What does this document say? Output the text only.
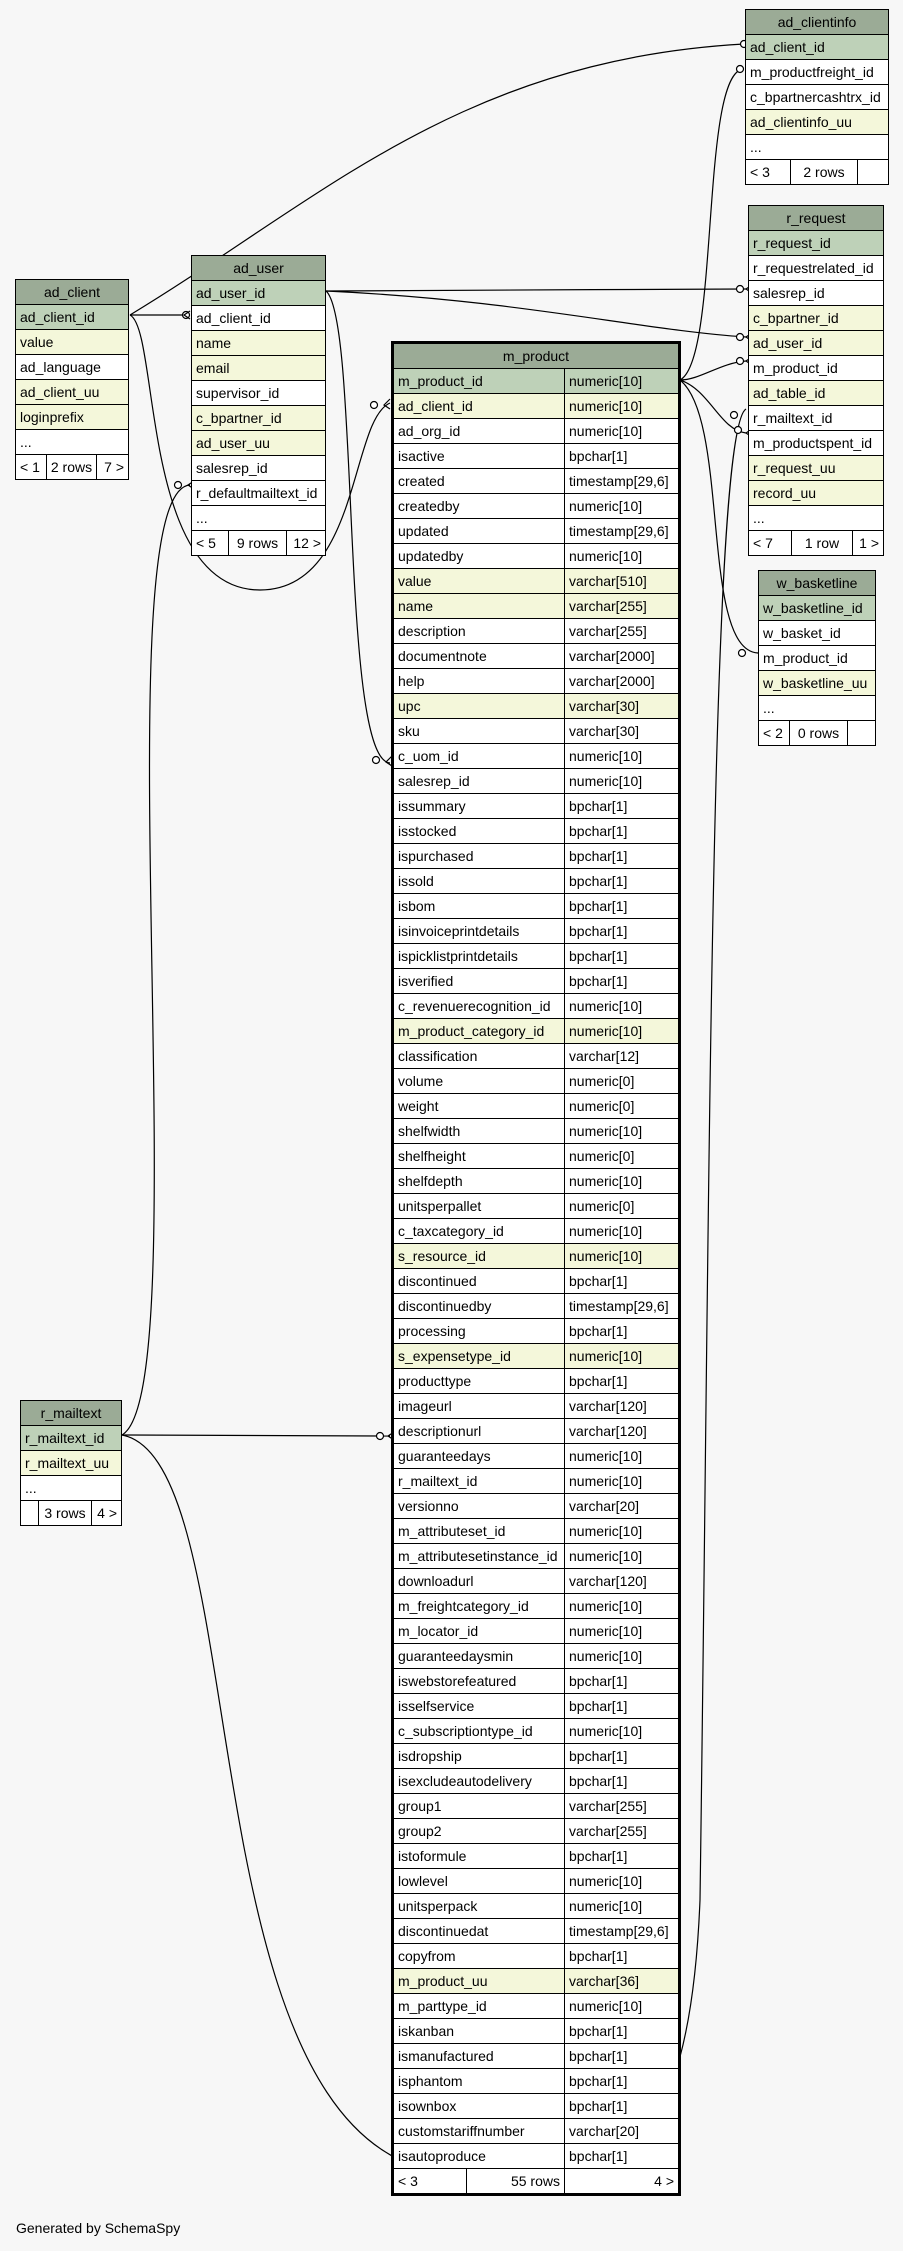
ad_clientinfo
ad_client_id
m_productfreight_id
c_bpartnercashtrx_id
ad_clientinfo_uu
...
< 3	2 rows
r_request
r_request_id
r_requestrelated_id
salesrep_id
c_bpartner_id
ad_user_id
m_product_id
ad_table_id
r_mailtext_id
m_productspent_id
r_request_uu
record_uu
...
< 7	1 row	1 >
w_basketline
w_basketline_id
w_basket_id
m_product_id
w_basketline_uu
...
< 2	0 rows
ad_client
ad_client_id
value
ad_language
ad_client_uu
loginprefix
...
< 1 2 rows 7 >
ad_user
ad_user_id
ad_client_id
name
email
supervisor_id
c_bpartner_id
ad_user_uu
salesrep_id
r_defaultmailtext_id
...
< 5	9 rows	12 >
r_mailtext
r_mailtext_id
r_mailtext_uu
...
3 rows 4 >
m_product
m_product_id	numeric[10]
ad_client_id	numeric[10]
ad_org_id	numeric[10]
isactive	bpchar[1]
created	timestamp[29,6]
createdby	numeric[10]
updated	timestamp[29,6]
updatedby	numeric[10]
value	varchar[510]
name	varchar[255]
description	varchar[255]
documentnote	varchar[2000]
help	varchar[2000]
upc	varchar[30]
sku	varchar[30]
c_uom_id	numeric[10]
salesrep_id	numeric[10]
issummary	bpchar[1]
isstocked	bpchar[1]
ispurchased	bpchar[1]
issold	bpchar[1]
isbom	bpchar[1]
isinvoiceprintdetails	bpchar[1]
ispicklistprintdetails	bpchar[1]
isverified	bpchar[1]
c_revenuerecognition_id	numeric[10]
m_product_category_id	numeric[10]
classification	varchar[12]
volume	numeric[0]
weight	numeric[0]
shelfwidth	numeric[10]
shelfheight	numeric[0]
shelfdepth	numeric[10]
unitsperpallet	numeric[0]
c_taxcategory_id	numeric[10]
s_resource_id	numeric[10]
discontinued	bpchar[1]
discontinuedby	timestamp[29,6]
processing	bpchar[1]
s_expensetype_id	numeric[10]
producttype	bpchar[1]
imageurl	varchar[120]
descriptionurl	varchar[120]
guaranteedays	numeric[10]
r_mailtext_id	numeric[10]
versionno	varchar[20]
m_attributeset_id	numeric[10]
m_attributesetinstance_id numeric[10]
downloadurl	varchar[120]
m_freightcategory_id	numeric[10]
m_locator_id	numeric[10]
guaranteedaysmin	numeric[10]
iswebstorefeatured	bpchar[1]
isselfservice	bpchar[1]
c_subscriptiontype_id	numeric[10]
isdropship	bpchar[1]
isexcludeautodelivery	bpchar[1]
group1	varchar[255]
group2	varchar[255]
istoformule	bpchar[1]
lowlevel	numeric[10]
unitsperpack	numeric[10]
discontinuedat	timestamp[29,6]
copyfrom	bpchar[1]
m_product_uu	varchar[36]
m_parttype_id	numeric[10]
iskanban	bpchar[1]
ismanufactured	bpchar[1]
isphantom	bpchar[1]
isownbox	bpchar[1]
customstariffnumber	varchar[20]
isautoproduce	bpchar[1]
< 3	55 rows	4 >
Generated by SchemaSpy
